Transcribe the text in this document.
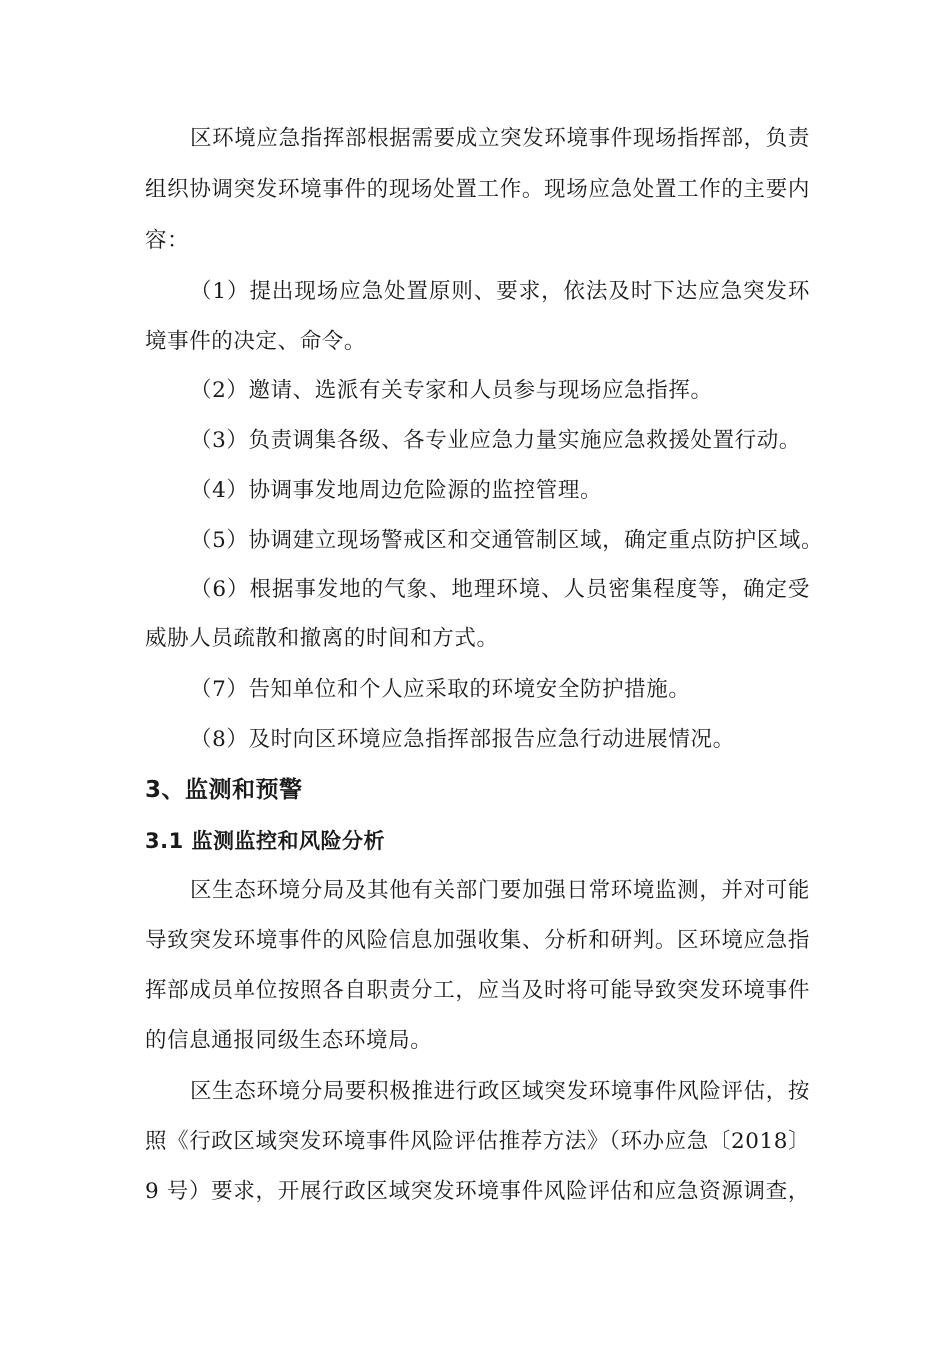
区环境应急指挥部根据需要成立突发环境事件现场指挥部，负责
组织协调突发环境事件的现场处置工作。现场应急处置工作的主要内
容：
（1）提出现场应急处置原则、要求，依法及时下达应急突发环
境事件的决定、命令。
（2）邀请、选派有关专家和人员参与现场应急指挥。
（3）负责调集各级、各专业应急力量实施应急救援处置行动。
（4）协调事发地周边危险源的监控管理。
（5）协调建立现场警戒区和交通管制区域，确定重点防护区域。
（6）根据事发地的气象、地理环境、人员密集程度等，确定受
威胁人员疏散和撤离的时间和方式。
（7）告知单位和个人应采取的环境安全防护措施。
（8）及时向区环境应急指挥部报告应急行动进展情况。
3、监测和预警
3.1 监测监控和风险分析
区生态环境分局及其他有关部门要加强日常环境监测，并对可能
导致突发环境事件的风险信息加强收集、分析和研判。区环境应急指
挥部成员单位按照各自职责分工，应当及时将可能导致突发环境事件
的信息通报同级生态环境局。
区生态环境分局要积极推进行政区域突发环境事件风险评估，按
照《行政区域突发环境事件风险评估推荐方法》（环办应急〔2018〕
9 号）要求，开展行政区域突发环境事件风险评估和应急资源调查，
